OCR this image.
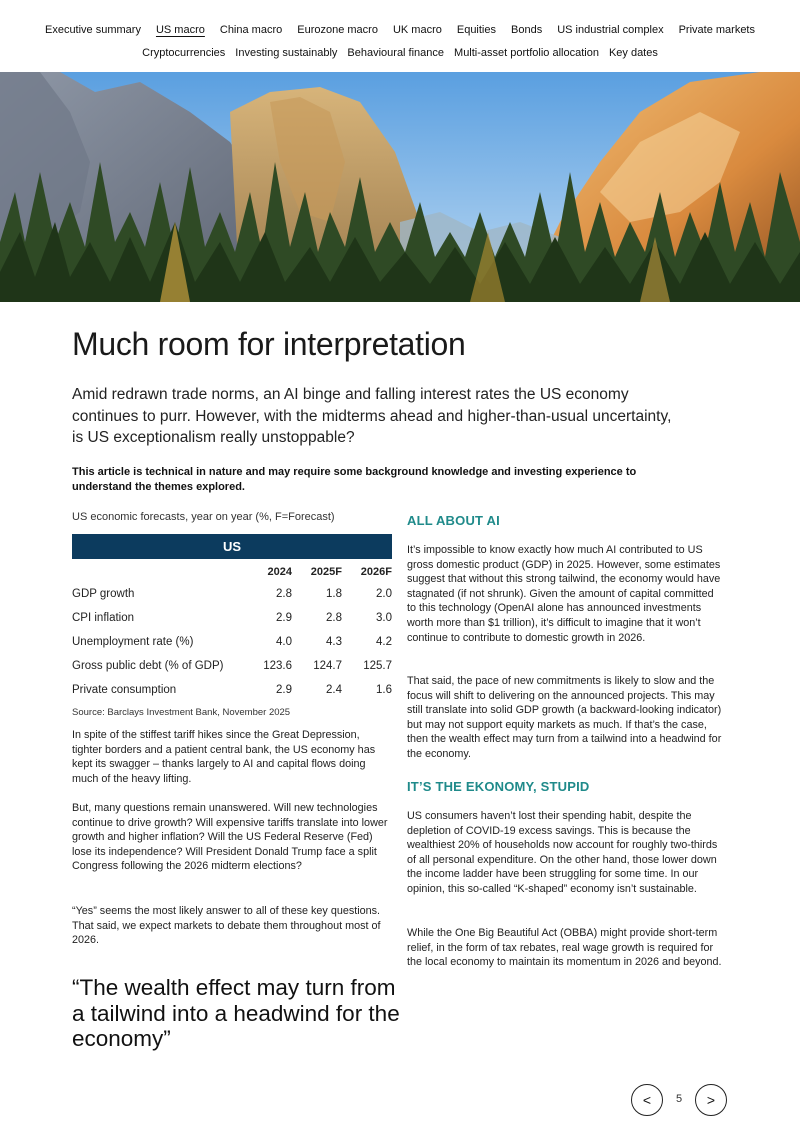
Executive summary	US macro	China macro	Eurozone macro	UK macro	Equities	Bonds	US industrial complex	Private markets
Cryptocurrencies Investing sustainably Behavioural finance Multi-asset portfolio allocation Key dates
Much room for interpretation

Amid redrawn trade norms, an AI binge and falling interest rates the US economy continues to purr. However, with the midterms ahead and higher-than-usual uncertainty, is US exceptionalism really unstoppable?

This article is technical in nature and may require some background knowledge and investing experience to understand the themes explored.

US economic forecasts, year on year (%, F=Forecast)
US
	2024	2025F	2026F
GDP growth	2.8	1.8	2.0
CPI inflation	2.9	2.8	3.0
Unemployment rate (%)	4.0	4.3	4.2
Gross public debt (% of GDP)	123.6	124.7	125.7
Private consumption	2.9	2.4	1.6
Source: Barclays Investment Bank, November 2025

In spite of the stiffest tariff hikes since the Great Depression, tighter borders and a patient central bank, the US economy has kept its swagger – thanks largely to AI and capital flows doing much of the heavy lifting.

But, many questions remain unanswered. Will new technologies continue to drive growth? Will expensive tariffs translate into lower growth and higher inflation? Will the US Federal Reserve (Fed) lose its independence? Will President Donald Trump face a split Congress following the 2026 midterm elections?

“Yes” seems the most likely answer to all of these key questions. That said, we expect markets to debate them throughout most of 2026.

“The wealth effect may turn from a tailwind into a headwind for the economy”
ALL ABOUT AI

It’s impossible to know exactly how much AI contributed to US gross domestic product (GDP) in 2025. However, some estimates suggest that without this strong tailwind, the economy would have stagnated (if not shrunk). Given the amount of capital committed to this technology (OpenAI alone has announced investments worth more than $1 trillion), it’s difficult to imagine that it won’t continue to contribute to domestic growth in 2026.

That said, the pace of new commitments is likely to slow and the focus will shift to delivering on the announced projects. This may still translate into solid GDP growth (a backward-looking indicator) but may not support equity markets as much. If that’s the case, then the wealth effect may turn from a tailwind into a headwind for the economy.

IT’S THE EKONOMY, STUPID

US consumers haven’t lost their spending habit, despite the depletion of COVID-19 excess savings. This is because the wealthiest 20% of households now account for roughly two-thirds of all personal expenditure. On the other hand, those lower down the income ladder have been struggling for some time. In our opinion, this so-called “K-shaped” economy isn’t sustainable.

While the One Big Beautiful Act (OBBA) might provide short-term relief, in the form of tax rebates, real wage growth is required for the local economy to maintain its momentum in 2026 and beyond.

<	5 >
